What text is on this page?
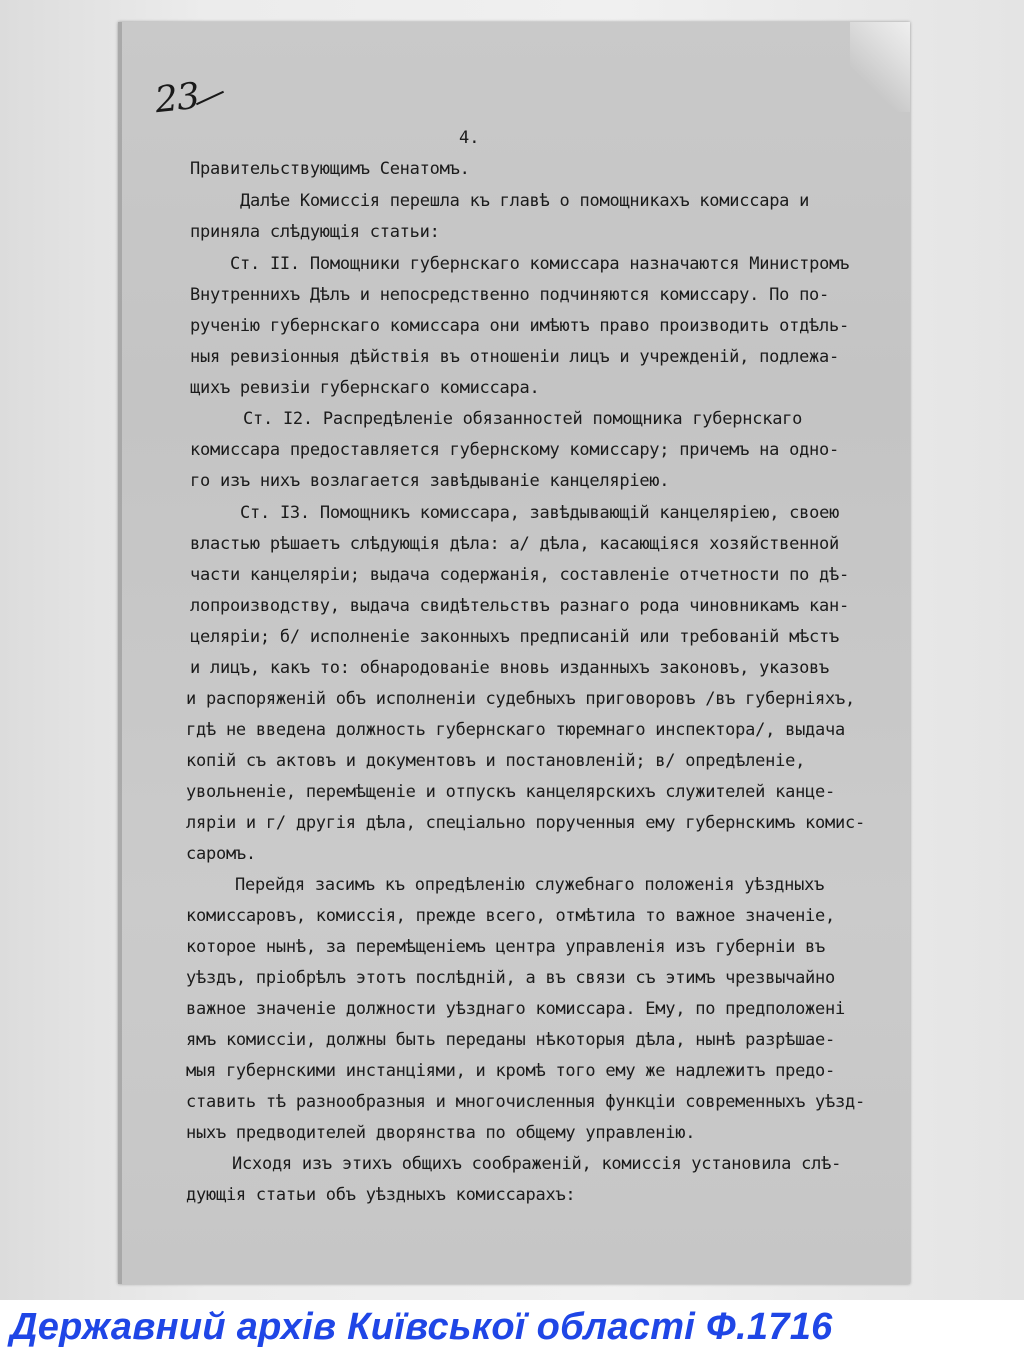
23
4.
Правительствующимъ Сенатомъ.
Далѣе Комиссія перешла къ главѣ о помощникахъ комиссара и
приняла слѣдующія статьи:
Ст. II. Помощники губернскаго комиссара назначаются Министромъ
Внутреннихъ Дѣлъ и непосредственно подчиняются комиссару. По по-
рученію губернскаго комиссара они имѣютъ право производить отдѣль-
ныя ревизіонныя дѣйствія въ отношеніи лицъ и учрежденій, подлежа-
щихъ ревизіи губернскаго комиссара.
Ст. I2. Распредѣленіе обязанностей помощника губернскаго
комиссара предоставляется губернскому комиссару; причемъ на одно-
го изъ нихъ возлагается завѣдываніе канцеляріею.
Ст. I3. Помощникъ комиссара, завѣдывающій канцеляріею, своею
властью рѣшаетъ слѣдующія дѣла: а/ дѣла, касающіяся хозяйственной
части канцеляріи; выдача содержанія, составленіе отчетности по дѣ-
лопроизводству, выдача свидѣтельствъ разнаго рода чиновникамъ кан-
целяріи; б/ исполненіе законныхъ предписаній или требованій мѣстъ
и лицъ, какъ то: обнародованіе вновь изданныхъ законовъ, указовъ
и распоряженій объ исполненіи судебныхъ приговоровъ /въ губерніяхъ,
гдѣ не введена должность губернскаго тюремнаго инспектора/, выдача
копій съ актовъ и документовъ и постановленій; в/ опредѣленіе,
увольненіе, перемѣщеніе и отпускъ канцелярскихъ служителей канце-
ляріи и г/ другія дѣла, спеціально порученныя ему губернскимъ комис-
саромъ.
Перейдя засимъ къ опредѣленію служебнаго положенія уѣздныхъ
комиссаровъ, комиссія, прежде всего, отмѣтила то важное значеніе,
которое нынѣ, за перемѣщеніемъ центра управленія изъ губерніи въ
уѣздъ, пріобрѣлъ этотъ послѣдній, а въ связи съ этимъ чрезвычайно
важное значеніе должности уѣзднаго комиссара. Ему, по предположені
ямъ комиссіи, должны быть переданы нѣкоторыя дѣла, нынѣ разрѣшае-
мыя губернскими инстанціями, и кромѣ того ему же надлежитъ предо-
ставить тѣ разнообразныя и многочисленныя функціи современныхъ уѣзд-
ныхъ предводителей дворянства по общему управленію.
Исходя изъ этихъ общихъ соображеній, комиссія установила слѣ-
дующія статьи объ уѣздныхъ комиссарахъ:
Державний архів Київської області Ф.1716
